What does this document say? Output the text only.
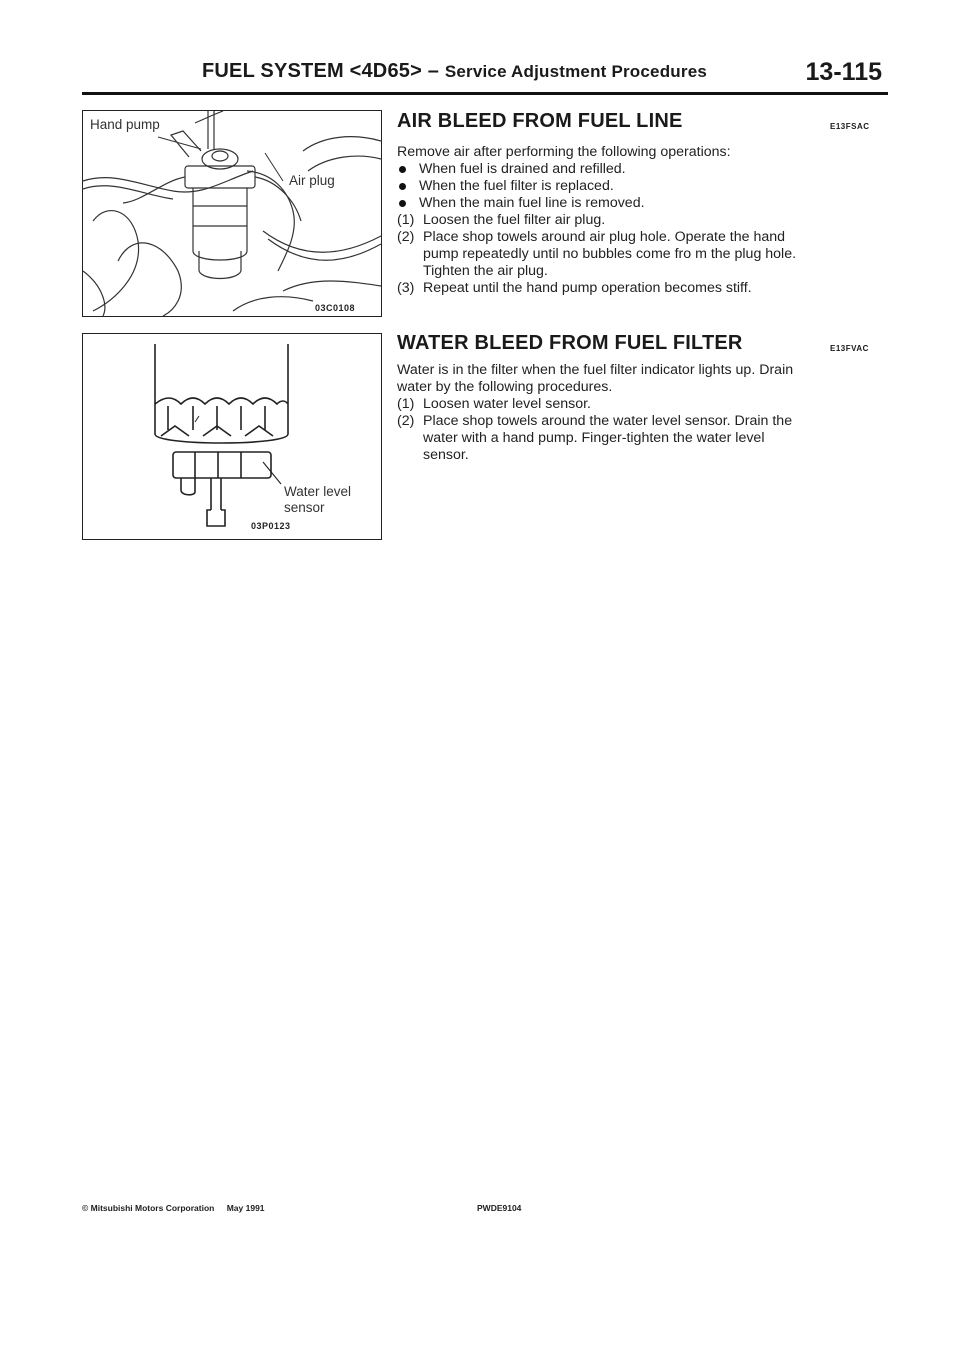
FUEL SYSTEM <4D65> – Service Adjustment Procedures	13-115
Hand pump
Air plug
03C0108
Water level
sensor
03P0123
AIR BLEED FROM FUEL LINE	E13FSAC
Remove air after performing the following operations:
When fuel is drained and refilled.
When the fuel filter is replaced.
When the main fuel line is removed.
(1) Loosen the fuel filter air plug.
(2) Place shop towels around air plug hole. Operate the hand
pump repeatedly until no bubbles come fro m the plug hole.
Tighten the air plug.
(3) Repeat until the hand pump operation becomes stiff.
WATER BLEED FROM FUEL FILTER	E13FVAC
Water is in the filter when the fuel filter indicator lights up. Drain
water by the following procedures.
(1) Loosen water level sensor.
(2) Place shop towels around the water level sensor. Drain the
water with a hand pump. Finger-tighten the water level
sensor.
© Mitsubishi Motors Corporation May 1991	PWDE9104
